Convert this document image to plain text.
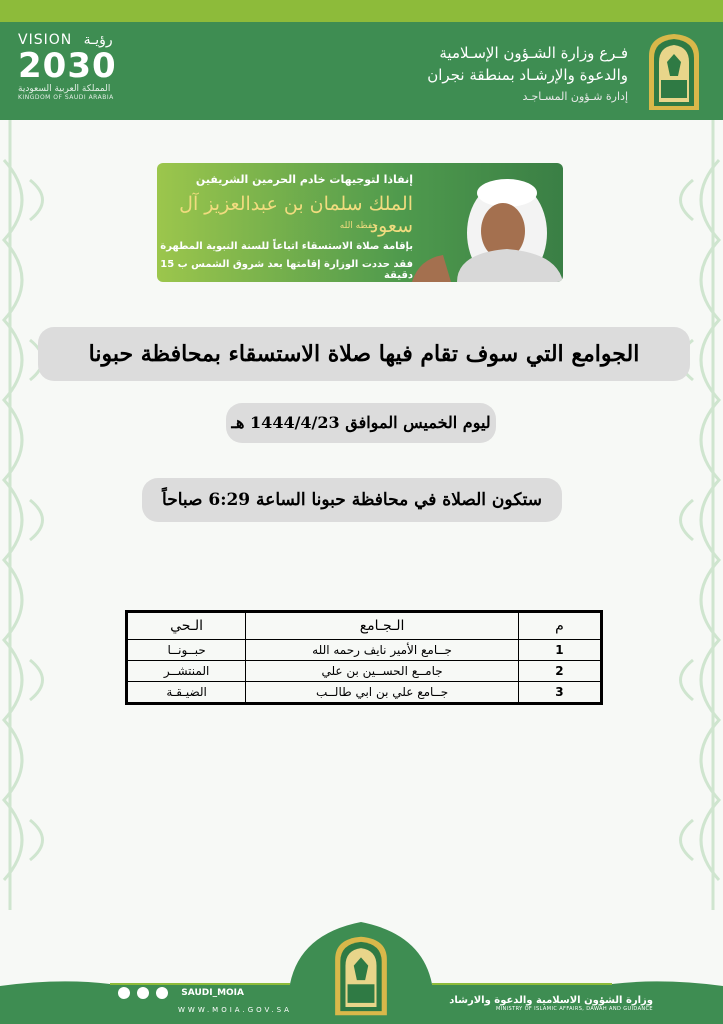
VISION رؤيـة
2030
المملكة العربية السعودية
KINGDOM OF SAUDI ARABIA
فـرع وزارة الشـؤون الإسـلامية
والدعوة والإرشـاد بمنطقة نجران
إدارة شـؤون المسـاجـد
إنفاذا لتوجيهات خادم الحرمين الشريفين
الملك سلمان بن عبدالعزيز آل سعود
حفظه الله
بإقامة صلاة الاستسقاء اتباعاً للسنة النبوية المطهرة
فقد حددت الوزارة إقامتها بعد شروق الشمس ب 15 دقيقة
الجوامع التي سوف تقام فيها صلاة الاستسقاء بمحافظة حبونا
ليوم الخميس الموافق 1444/4/23 هـ
ستكون الصلاة في محافظة حبونا الساعة 6:29 صباحاً
م	الـجـامع	الـحي
1	جــامع الأمير نايف رحمه الله	حبــونــا
2	جامــع الحســين بن علي	المنتشــر
3	جــامع علي بن ابي طالــب	الضيـقـة
SAUDI_MOIA
WWW.MOIA.GOV.SA
وزارة الشؤون الاسلامية والدعوة والارشاد
MINISTRY OF ISLAMIC AFFAIRS, DAWAH AND GUIDANCE
